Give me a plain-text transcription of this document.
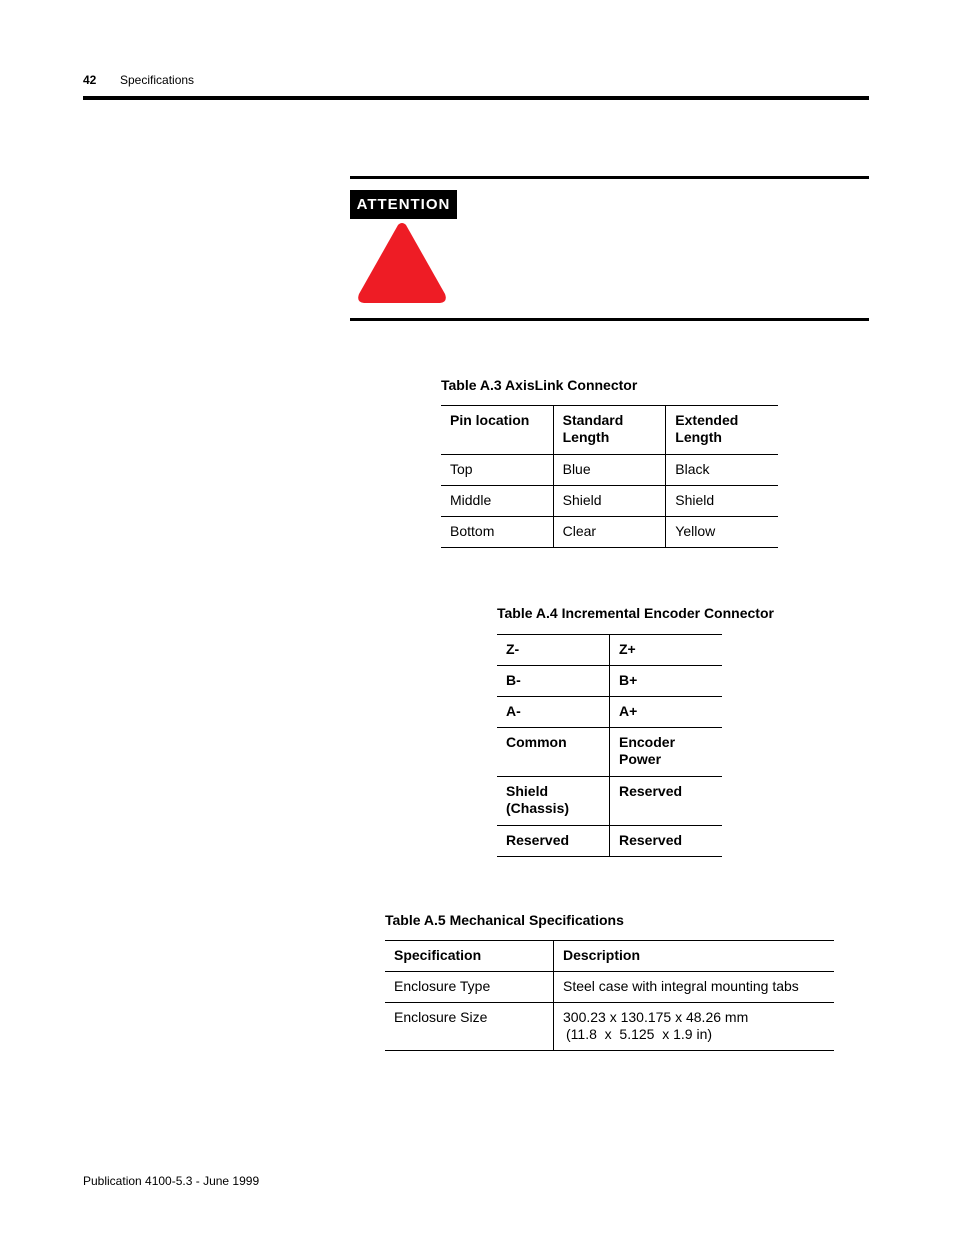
42 Specifications
ATTENTION
Table A.3 AxisLink Connector
Pin location	Standard Length	Extended Length
Top	Blue	Black
Middle	Shield	Shield
Bottom	Clear	Yellow
Table A.4 Incremental Encoder Connector
Z-	Z+
B-	B+
A-	A+
Common	Encoder Power
Shield (Chassis)	Reserved
Reserved	Reserved
Table A.5 Mechanical Specifications
Specification	Description
Enclosure Type	Steel case with integral mounting tabs
Enclosure Size	300.23 x 130.175 x 48.26 mm
(11.8  x  5.125  x 1.9 in)
Publication 4100-5.3 - June 1999
